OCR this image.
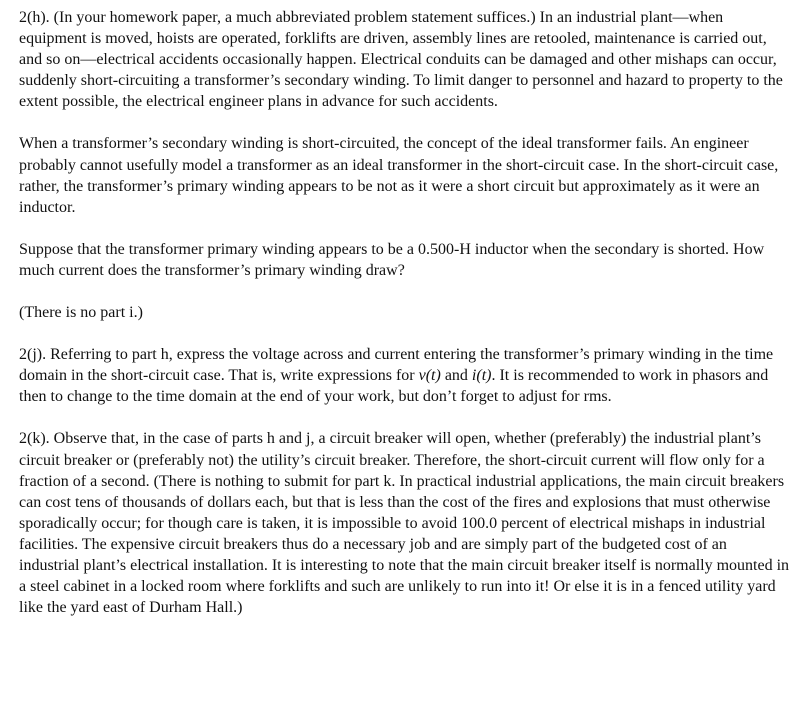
2(h). (In your homework paper, a much abbreviated problem statement suffices.) In an industrial plant—when equipment is moved, hoists are operated, forklifts are driven, assembly lines are retooled, maintenance is carried out, and so on—electrical accidents occasionally happen. Electrical conduits can be damaged and other mishaps can occur, suddenly short-circuiting a transformer’s secondary winding. To limit danger to personnel and hazard to property to the extent possible, the electrical engineer plans in advance for such accidents.

When a transformer’s secondary winding is short-circuited, the concept of the ideal transformer fails. An engineer probably cannot usefully model a transformer as an ideal transformer in the short-circuit case. In the short-circuit case, rather, the transformer’s primary winding appears to be not as it were a short circuit but approximately as it were an inductor.

Suppose that the transformer primary winding appears to be a 0.500-H inductor when the secondary is shorted. How much current does the transformer’s primary winding draw?

(There is no part i.)

2(j). Referring to part h, express the voltage across and current entering the transformer’s primary winding in the time domain in the short-circuit case. That is, write expressions for v(t) and i(t). It is recommended to work in phasors and then to change to the time domain at the end of your work, but don’t forget to adjust for rms.

2(k). Observe that, in the case of parts h and j, a circuit breaker will open, whether (preferably) the industrial plant’s circuit breaker or (preferably not) the utility’s circuit breaker. Therefore, the short-circuit current will flow only for a fraction of a second. (There is nothing to submit for part k. In practical industrial applications, the main circuit breakers can cost tens of thousands of dollars each, but that is less than the cost of the fires and explosions that must otherwise sporadically occur; for though care is taken, it is impossible to avoid 100.0 percent of electrical mishaps in industrial facilities. The expensive circuit breakers thus do a necessary job and are simply part of the budgeted cost of an industrial plant’s electrical installation. It is interesting to note that the main circuit breaker itself is normally mounted in a steel cabinet in a locked room where forklifts and such are unlikely to run into it! Or else it is in a fenced utility yard like the yard east of Durham Hall.)
